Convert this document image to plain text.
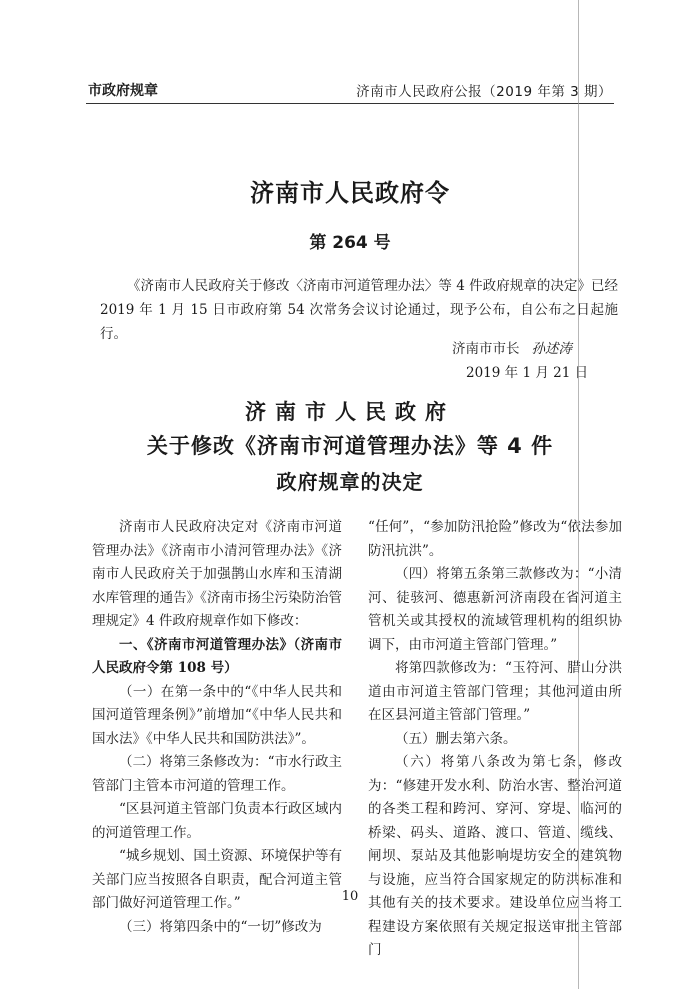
市政府规章	济南市人民政府公报（2019 年第 3 期）
济南市人民政府令
第 264 号
《济南市人民政府关于修改〈济南市河道管理办法〉等 4 件政府规章的决定》已经 2019 年 1 月 15 日市政府第 54 次常务会议讨论通过，现予公布，自公布之日起施行。
济南市市长 孙述涛
2019 年 1 月 21 日
济南市人民政府
关于修改《济南市河道管理办法》等 4 件
政府规章的决定

济南市人民政府决定对《济南市河道管理办法》《济南市小清河管理办法》《济南市人民政府关于加强鹊山水库和玉清湖水库管理的通告》《济南市扬尘污染防治管理规定》4 件政府规章作如下修改：

一、《济南市河道管理办法》（济南市人民政府令第 108 号）

（一）在第一条中的“《中华人民共和国河道管理条例》”前增加“《中华人民共和国水法》《中华人民共和国防洪法》”。

（二）将第三条修改为：“市水行政主管部门主管本市河道的管理工作。

“区县河道主管部门负责本行政区域内的河道管理工作。

“城乡规划、国土资源、环境保护等有关部门应当按照各自职责，配合河道主管部门做好河道管理工作。”

（三）将第四条中的“一切”修改为

“任何”，“参加防汛抢险”修改为“依法参加防汛抗洪”。

（四）将第五条第三款修改为：“小清河、徒骇河、德惠新河济南段在省河道主管机关或其授权的流域管理机构的组织协调下，由市河道主管部门管理。”

将第四款修改为：“玉符河、腊山分洪道由市河道主管部门管理；其他河道由所在区县河道主管部门管理。”

（五）删去第六条。

（六）将第八条改为第七条，修改为：“修建开发水利、防治水害、整治河道的各类工程和跨河、穿河、穿堤、临河的桥梁、码头、道路、渡口、管道、缆线、闸坝、泵站及其他影响堤坊安全的建筑物与设施，应当符合国家规定的防洪标准和其他有关的技术要求。建设单位应当将工程建设方案依照有关规定报送审批主管部门

10
